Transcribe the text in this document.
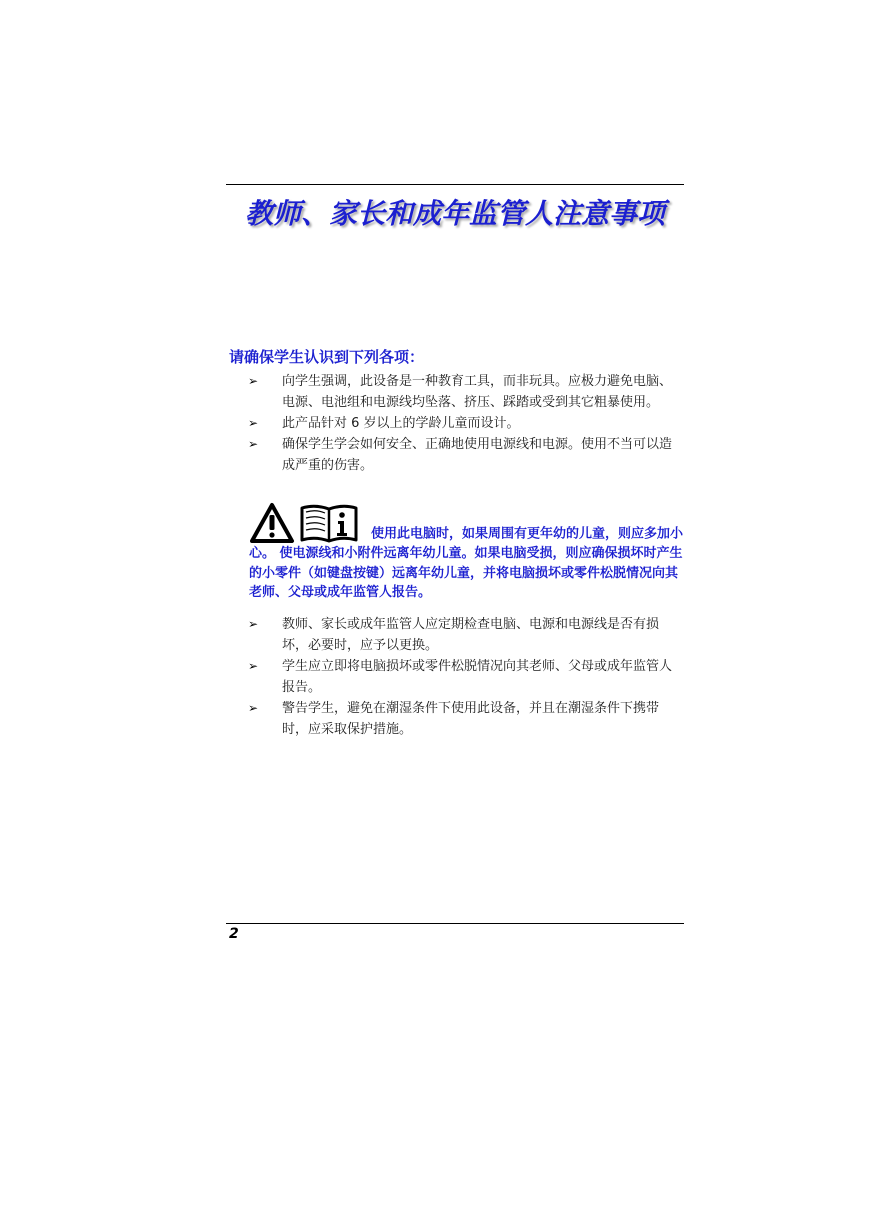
教师、家长和成年监管人注意事项
请确保学生认识到下列各项：
➢ 向学生强调，此设备是一种教育工具，而非玩具。应极力避免电脑、电源、电池组和电源线均坠落、挤压、踩踏或受到其它粗暴使用。
➢ 此产品针对 6 岁以上的学龄儿童而设计。
➢ 确保学生学会如何安全、正确地使用电源线和电源。使用不当可以造成严重的伤害。
使用此电脑时，如果周围有更年幼的儿童，则应多加小心。 使电源线和小附件远离年幼儿童。如果电脑受损，则应确保损坏时产生的小零件（如键盘按键）远离年幼儿童，并将电脑损坏或零件松脱情况向其老师、父母或成年监管人报告。
➢ 教师、家长或成年监管人应定期检查电脑、电源和电源线是否有损坏，必要时，应予以更换。
➢ 学生应立即将电脑损坏或零件松脱情况向其老师、父母或成年监管人报告。
➢ 警告学生，避免在潮湿条件下使用此设备，并且在潮湿条件下携带时，应采取保护措施。
2
